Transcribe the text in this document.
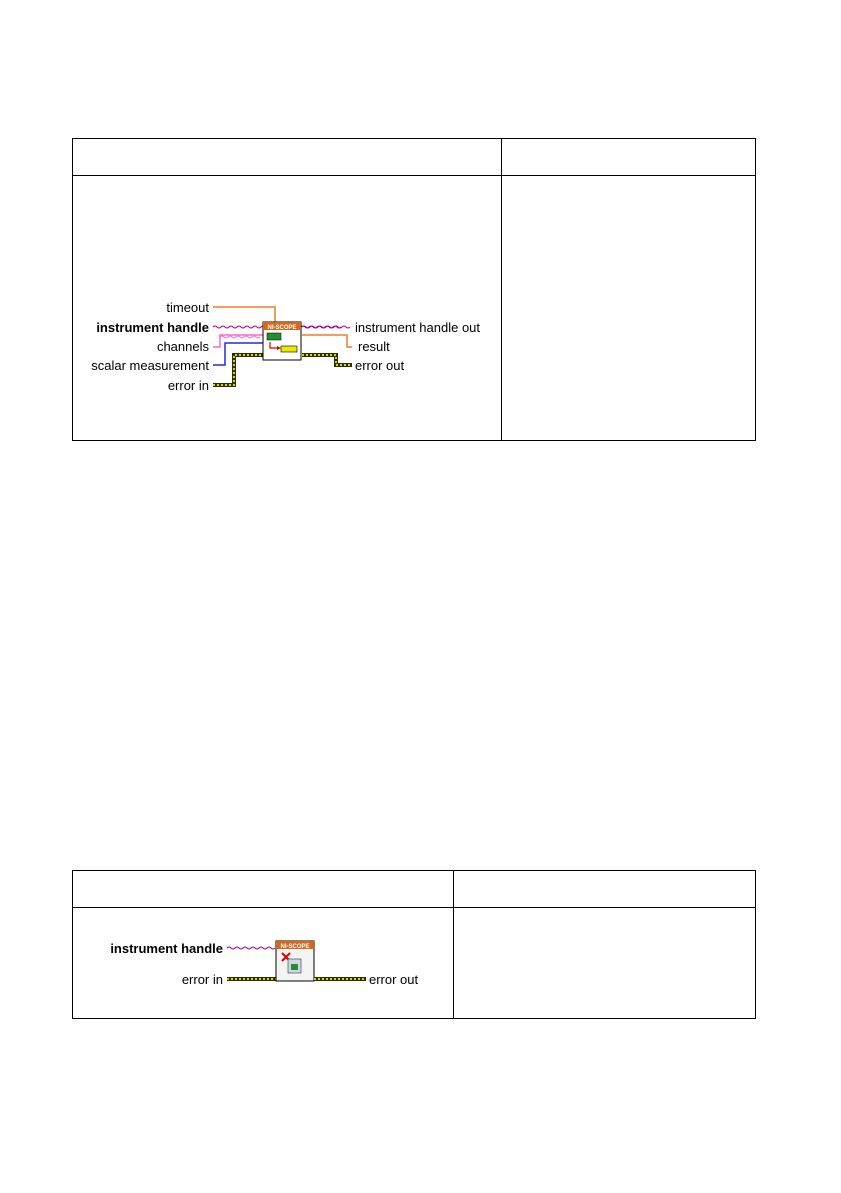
timeout
instrument handle
channels
scalar measurement
error in
NI-SCOPE	instrument handle out
result
error out
instrument handle
error in
NI-SCOPE
error out
